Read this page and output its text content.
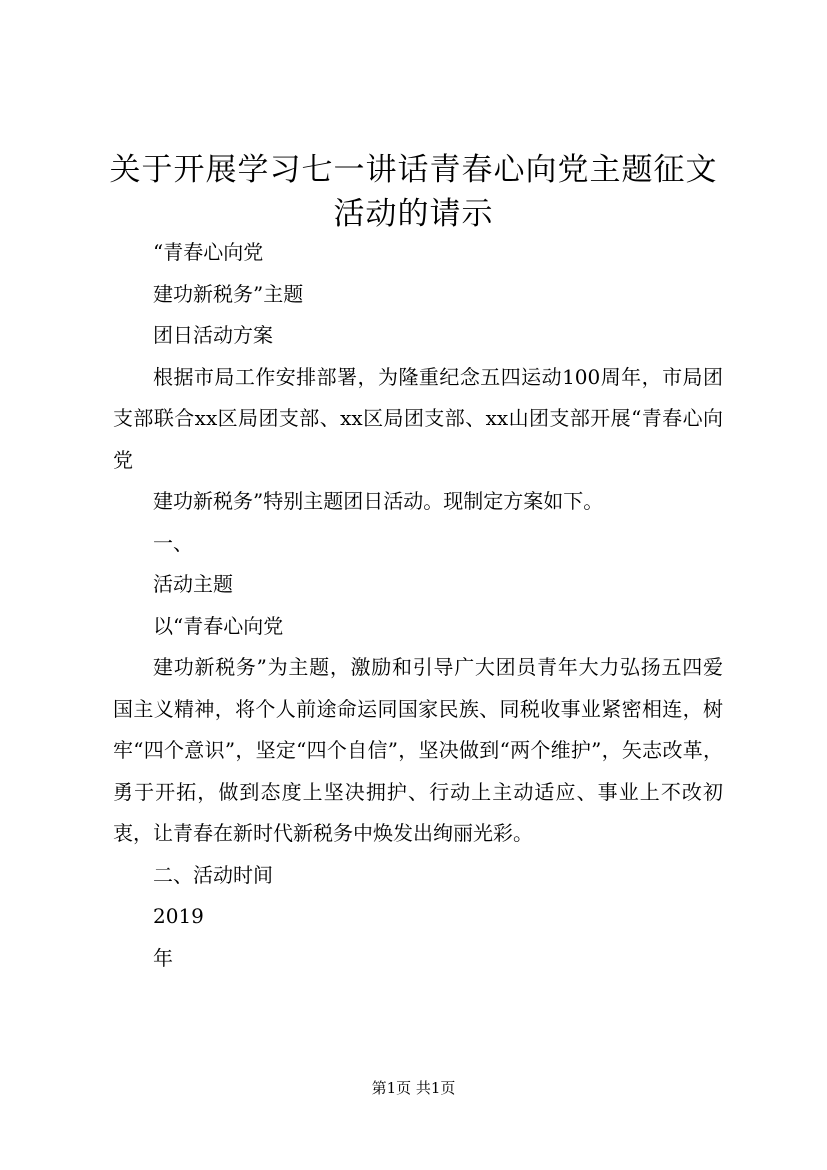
关于开展学习七一讲话青春心向党主题征文活动的请示

“青春心向党

建功新税务”主题

团日活动方案

根据市局工作安排部署，为隆重纪念五四运动100周年，市局团支部联合xx区局团支部、xx区局团支部、xx山团支部开展“青春心向党

建功新税务”特别主题团日活动。现制定方案如下。

一、

活动主题

以“青春心向党

建功新税务”为主题，激励和引导广大团员青年大力弘扬五四爱国主义精神，将个人前途命运同国家民族、同税收事业紧密相连，树牢“四个意识”，坚定“四个自信”，坚决做到“两个维护”，矢志改革，勇于开拓，做到态度上坚决拥护、行动上主动适应、事业上不改初衷，让青春在新时代新税务中焕发出绚丽光彩。

二、活动时间

2019

年

第1页 共1页
